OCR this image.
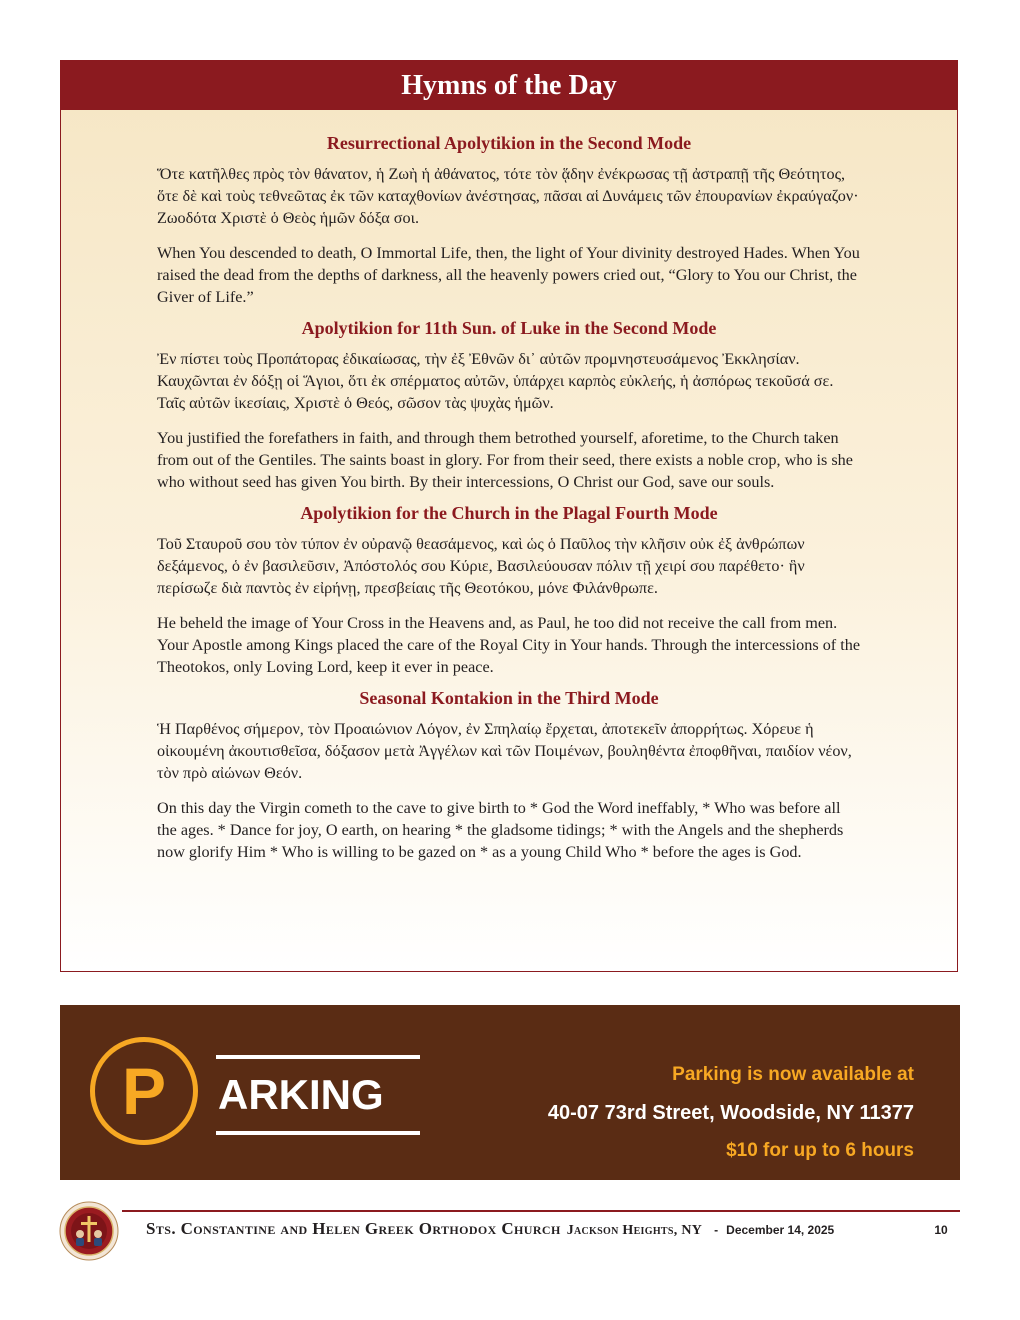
Hymns of the Day
Resurrectional Apolytikion in the Second Mode

Ὅτε κατῆλθες πρὸς τὸν θάνατον, ἡ Ζωὴ ἡ ἀθάνατος, τότε τὸν ᾅδην ἐνέκρωσας τῇ ἀστραπῇ τῆς Θεότητος, ὅτε δὲ καὶ τοὺς τεθνεῶτας ἐκ τῶν καταχθονίων ἀνέστησας, πᾶσαι αἱ Δυνάμεις τῶν ἐπουρανίων ἐκραύγαζον· Ζωοδότα Χριστὲ ὁ Θεὸς ἡμῶν δόξα σοι.

When You descended to death, O Immortal Life, then, the light of Your divinity destroyed Hades. When You raised the dead from the depths of darkness, all the heavenly powers cried out, “Glory to You our Christ, the Giver of Life.”

Apolytikion for 11th Sun. of Luke in the Second Mode

Ἐν πίστει τοὺς Προπάτορας ἐδικαίωσας, τὴν ἐξ Ἐθνῶν δι᾽ αὐτῶν προμνηστευσάμενος Ἐκκλησίαν. Καυχῶνται ἐν δόξῃ οἱ Ἅγιοι, ὅτι ἐκ σπέρματος αὐτῶν, ὑπάρχει καρπὸς εὐκλεής, ἡ ἀσπόρως τεκοῦσά σε. Ταῖς αὐτῶν ἱκεσίαις, Χριστὲ ὁ Θεός, σῶσον τὰς ψυχὰς ἡμῶν.

You justified the forefathers in faith, and through them betrothed yourself, aforetime, to the Church taken from out of the Gentiles. The saints boast in glory. For from their seed, there exists a noble crop, who is she who without seed has given You birth. By their intercessions, O Christ our God, save our souls.

Apolytikion for the Church in the Plagal Fourth Mode

Τοῦ Σταυροῦ σου τὸν τύπον ἐν οὐρανῷ θεασάμενος, καὶ ὡς ὁ Παῦλος τὴν κλῆσιν οὐκ ἐξ ἀνθρώπων δεξάμενος, ὁ ἐν βασιλεῦσιν, Ἀπόστολός σου Κύριε, Βασιλεύουσαν πόλιν τῇ χειρί σου παρέθετο· ἣν περίσωζε διὰ παντὸς ἐν εἰρήνῃ, πρεσβείαις τῆς Θεοτόκου, μόνε Φιλάνθρωπε.

He beheld the image of Your Cross in the Heavens and, as Paul, he too did not receive the call from men. Your Apostle among Kings placed the care of the Royal City in Your hands. Through the intercessions of the Theotokos, only Loving Lord, keep it ever in peace.

Seasonal Kontakion in the Third Mode

Ἡ Παρθένος σήμερον, τὸν Προαιώνιον Λόγον, ἐν Σπηλαίῳ ἔρχεται, ἀποτεκεῖν ἀπορρήτως. Χόρευε ἡ οἰκουμένη ἀκουτισθεῖσα, δόξασον μετὰ Ἀγγέλων καὶ τῶν Ποιμένων, βουληθέντα ἐποφθῆναι, παιδίον νέον, τὸν πρὸ αἰώνων Θεόν.

On this day the Virgin cometh to the cave to give birth to * God the Word ineffably, * Who was before all the ages. * Dance for joy, O earth, on hearing * the gladsome tidings; * with the Angels and the shepherds now glorify Him * Who is willing to be gazed on * as a young Child Who * before the ages is God.

P ARKING	Parking is now available at
40-07 73rd Street, Woodside, NY 11377
$10 for up to 6 hours
Sts. Constantine and Helen Greek Orthodox Church Jackson Heights, NY - December 14, 2025	10
